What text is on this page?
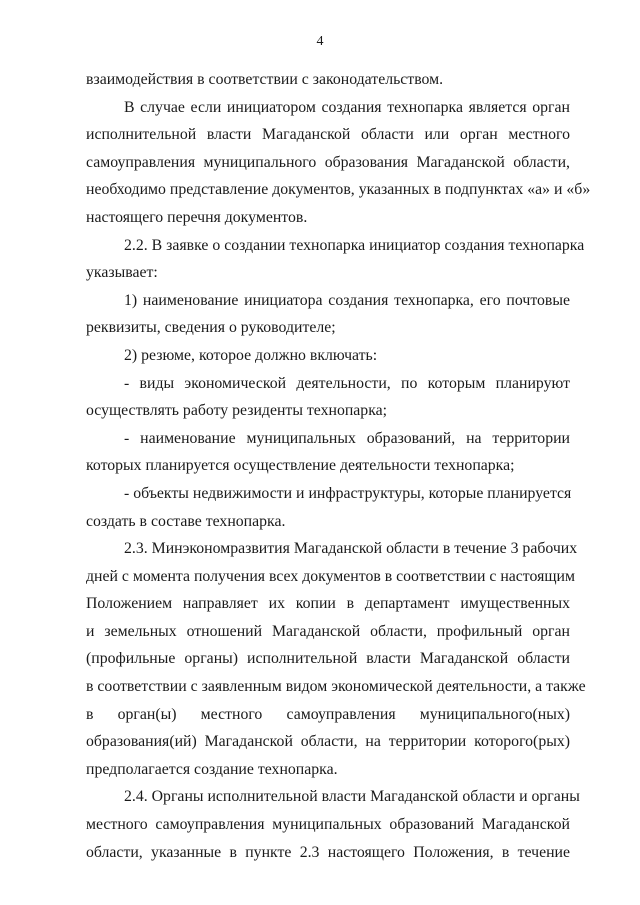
4
взаимодействия в соответствии с законодательством.
В случае если инициатором создания технопарка является орган
исполнительной власти Магаданской области или орган местного
самоуправления муниципального образования Магаданской области,
необходимо представление документов, указанных в подпунктах «а» и «б»
настоящего перечня документов.
2.2. В заявке о создании технопарка инициатор создания технопарка
указывает:
1) наименование инициатора создания технопарка, его почтовые
реквизиты, сведения о руководителе;
2) резюме, которое должно включать:
- виды экономической деятельности, по которым планируют
осуществлять работу резиденты технопарка;
- наименование муниципальных образований, на территории
которых планируется осуществление деятельности технопарка;
- объекты недвижимости и инфраструктуры, которые планируется
создать в составе технопарка.
2.3. Минэкономразвития Магаданской области в течение 3 рабочих
дней с момента получения всех документов в соответствии с настоящим
Положением направляет их копии в департамент имущественных
и земельных отношений Магаданской области, профильный орган
(профильные органы) исполнительной власти Магаданской области
в соответствии с заявленным видом экономической деятельности, а также
в орган(ы) местного самоуправления муниципального(ных)
образования(ий) Магаданской области, на территории которого(рых)
предполагается создание технопарка.
2.4. Органы исполнительной власти Магаданской области и органы
местного самоуправления муниципальных образований Магаданской
области, указанные в пункте 2.3 настоящего Положения, в течение
